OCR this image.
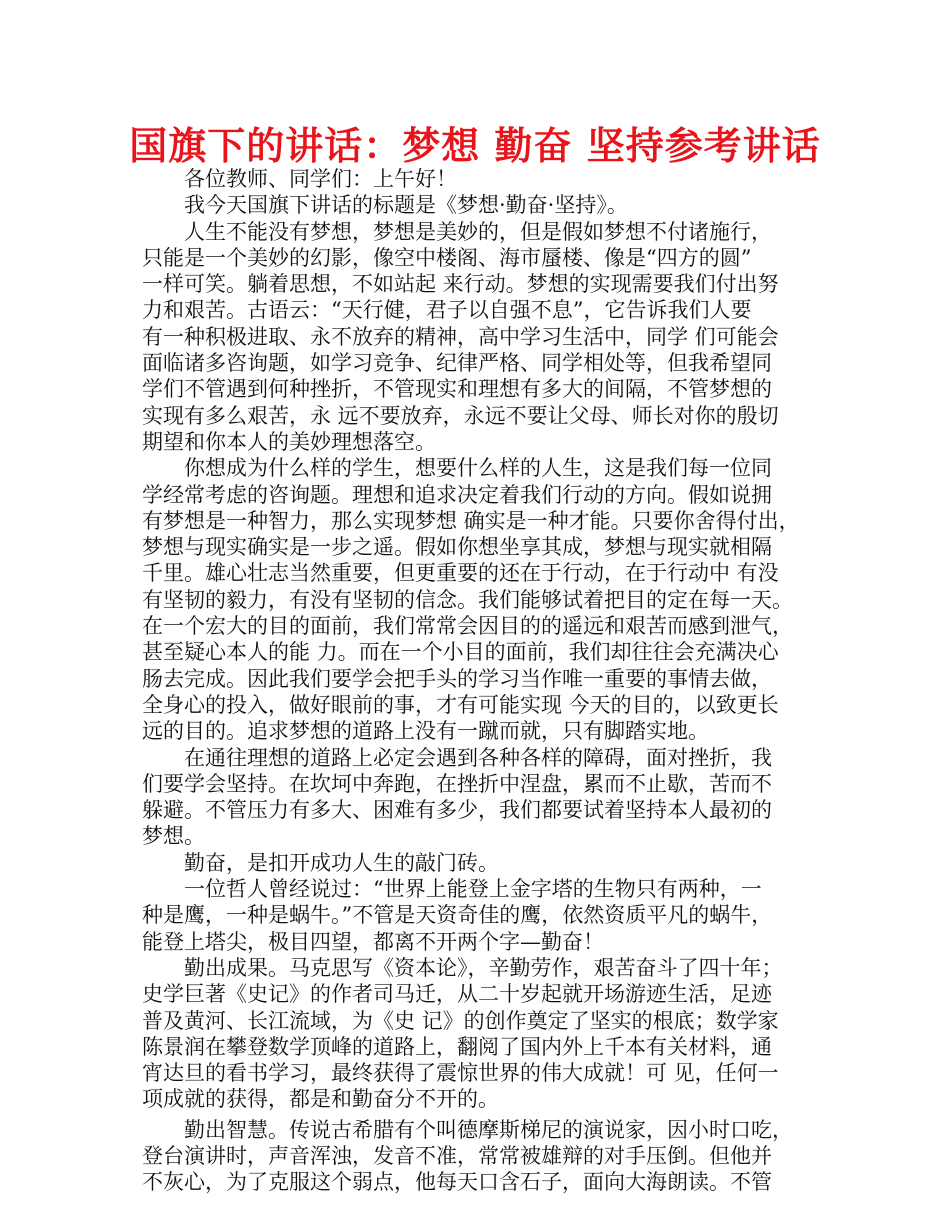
国旗下的讲话：梦想 勤奋 坚持参考讲话
各位教师、同学们：上午好！
我今天国旗下讲话的标题是《梦想·勤奋·坚持》。
人生不能没有梦想，梦想是美妙的，但是假如梦想不付诸施行，
只能是一个美妙的幻影，像空中楼阁、海市蜃楼、像是“四方的圆”
一样可笑。躺着思想，不如站起 来行动。梦想的实现需要我们付出努
力和艰苦。古语云：“天行健，君子以自强不息”，它告诉我们人要
有一种积极进取、永不放弃的精神，高中学习生活中，同学 们可能会
面临诸多咨询题，如学习竞争、纪律严格、同学相处等，但我希望同
学们不管遇到何种挫折，不管现实和理想有多大的间隔，不管梦想的
实现有多么艰苦，永 远不要放弃，永远不要让父母、师长对你的殷切
期望和你本人的美妙理想落空。
你想成为什么样的学生，想要什么样的人生，这是我们每一位同
学经常考虑的咨询题。理想和追求决定着我们行动的方向。假如说拥
有梦想是一种智力，那么实现梦想 确实是一种才能。只要你舍得付出，
梦想与现实确实是一步之遥。假如你想坐享其成，梦想与现实就相隔
千里。雄心壮志当然重要，但更重要的还在于行动，在于行动中 有没
有坚韧的毅力，有没有坚韧的信念。我们能够试着把目的定在每一天。
在一个宏大的目的面前，我们常常会因目的的遥远和艰苦而感到泄气，
甚至疑心本人的能 力。而在一个小目的面前，我们却往往会充满决心
肠去完成。因此我们要学会把手头的学习当作唯一重要的事情去做，
全身心的投入，做好眼前的事，才有可能实现 今天的目的，以致更长
远的目的。追求梦想的道路上没有一蹴而就，只有脚踏实地。
在通往理想的道路上必定会遇到各种各样的障碍，面对挫折，我
们要学会坚持。在坎坷中奔跑，在挫折中涅盘，累而不止歇，苦而不
躲避。不管压力有多大、困难有多少，我们都要试着坚持本人最初的
梦想。
勤奋，是扣开成功人生的敲门砖。
一位哲人曾经说过：“世界上能登上金字塔的生物只有两种，一
种是鹰，一种是蜗牛。”不管是天资奇佳的鹰，依然资质平凡的蜗牛，
能登上塔尖，极目四望，都离不开两个字—勤奋！
勤出成果。马克思写《资本论》，辛勤劳作，艰苦奋斗了四十年；
史学巨著《史记》的作者司马迁，从二十岁起就开场游迹生活，足迹
普及黄河、长江流域，为《史 记》的创作奠定了坚实的根底；数学家
陈景润在攀登数学顶峰的道路上，翻阅了国内外上千本有关材料，通
宵达旦的看书学习，最终获得了震惊世界的伟大成就！可 见，任何一
项成就的获得，都是和勤奋分不开的。
勤出智慧。传说古希腊有个叫德摩斯梯尼的演说家，因小时口吃，
登台演讲时，声音浑浊，发音不准，常常被雄辩的对手压倒。但他并
不灰心，为了克服这个弱点，他每天口含石子，面向大海朗读。不管
